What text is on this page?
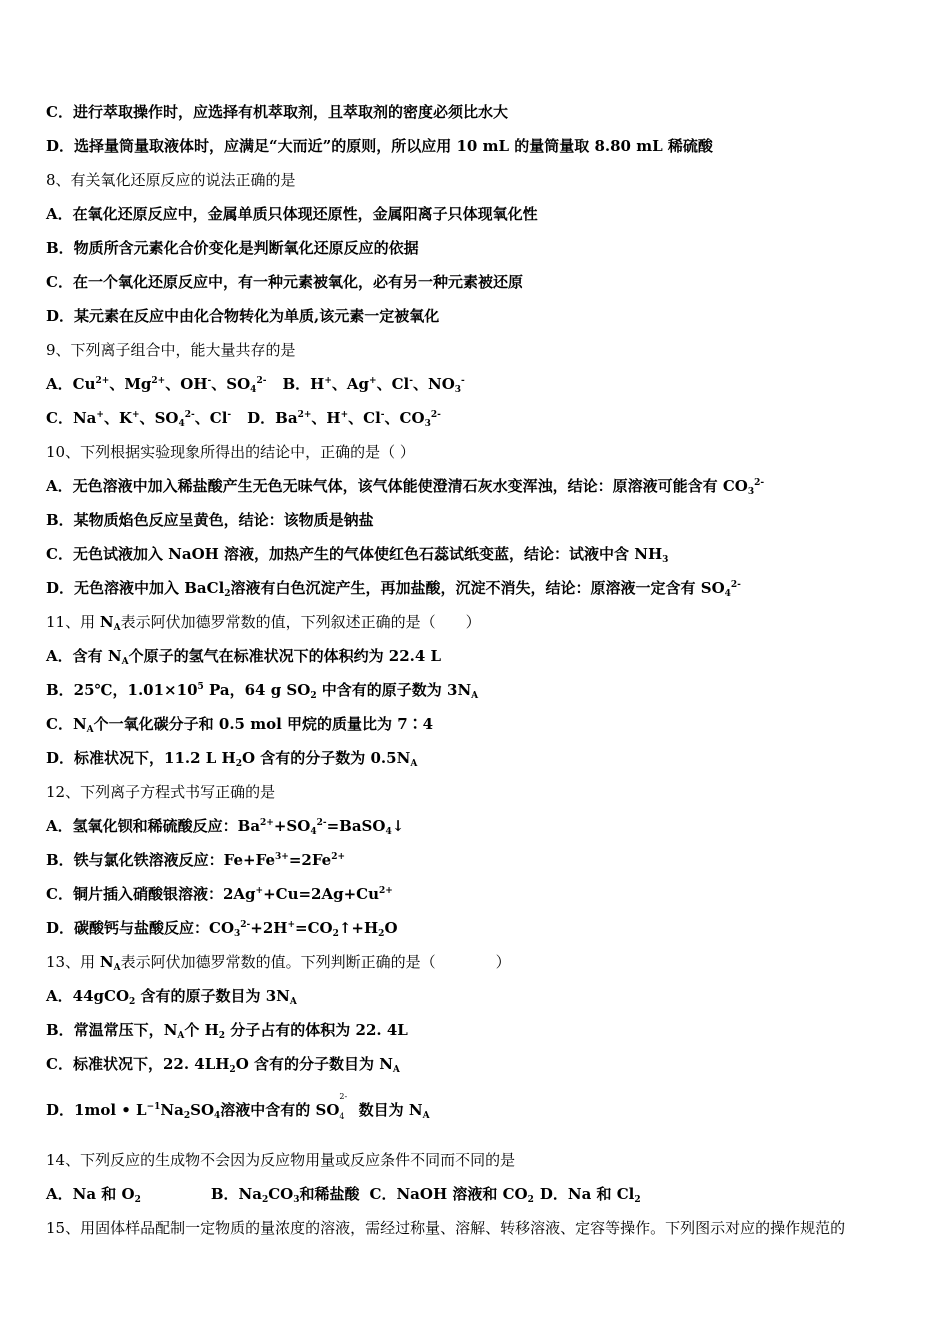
C．进行萃取操作时，应选择有机萃取剂，且萃取剂的密度必须比水大
D．选择量筒量取液体时，应满足“大而近”的原则，所以应用 10 mL 的量筒量取 8.80 mL 稀硫酸
8、有关氧化还原反应的说法正确的是
A．在氧化还原反应中，金属单质只体现还原性，金属阳离子只体现氧化性
B．物质所含元素化合价变化是判断氧化还原反应的依据
C．在一个氧化还原反应中，有一种元素被氧化，必有另一种元素被还原
D．某元素在反应中由化合物转化为单质,该元素一定被氧化
9、下列离子组合中，能大量共存的是
A．$Cu^{2+}$、$Mg^{2+}$、OH-、$SO_4^{2-}$ B．H+、Ag+、Cl-、$NO_3^-$
C．Na+、K+、$SO_4^{2-}$、Cl- D．$Ba^{2+}$、H+、Cl-、$CO_3^{2-}$
10、下列根据实验现象所得出的结论中，正确的是（ ）
A．无色溶液中加入稀盐酸产生无色无味气体，该气体能使澄清石灰水变浑浊，结论：原溶液可能含有 $CO_3^{2-}$
B．某物质焰色反应呈黄色，结论：该物质是钠盐
C．无色试液加入 NaOH 溶液，加热产生的气体使红色石蕊试纸变蓝，结论：试液中含 $NH_3$
D．无色溶液中加入 BaCl$_2$溶液有白色沉淀产生，再加盐酸，沉淀不消失，结论：原溶液一定含有 $SO_4^{2-}$
11、用 $N_A$表示阿伏加德罗常数的值，下列叙述正确的是（　　）
A．含有 $N_A$个原子的氢气在标准状况下的体积约为 22.4 L
B．25℃，$1.01\times 10^5$ Pa，64 g $SO_2$ 中含有的原子数为 $3N_A$
C．$N_A$个一氧化碳分子和 0.5 mol 甲烷的质量比为 7∶4
D．标准状况下，11.2 L $H_2O$ 含有的分子数为 $0.5N_A$
12、下列离子方程式书写正确的是
A．氢氧化钡和稀硫酸反应：$Ba^{2+}+SO_4^{2-}=BaSO_4↓$
B．铁与氯化铁溶液反应：$Fe+Fe^{3+}=2Fe^{2+}$
C．铜片插入硝酸银溶液：$2Ag^++Cu=2Ag+Cu^{2+}$
D．碳酸钙与盐酸反应：$CO_3^{2-}+2H^+=CO_2↑+H_2O$
13、用 $N_A$表示阿伏加德罗常数的值。下列判断正确的是（　　　　）
A．44gCO$_2$ 含有的原子数目为 $3N_A$
B．常温常压下，$N_A$个 $H_2$ 分子占有的体积为 22. 4L
C．标准状况下，22. $4LH_2O$ 含有的分子数目为 $N_A$
D．1mol • $L^{-1}Na_2SO_4$溶液中含有的 SO
2-
4 数目为 $N_A$
14、下列反应的生成物不会因为反应物用量或反应条件不同而不同的是
A．Na 和 $O_2$	B．$Na_2CO_3$和稀盐酸 C．NaOH 溶液和 $CO_2$ D．Na 和 $Cl_2$
15、用固体样品配制一定物质的量浓度的溶液，需经过称量、溶解、转移溶液、定容等操作。下列图示对应的操作规范的
